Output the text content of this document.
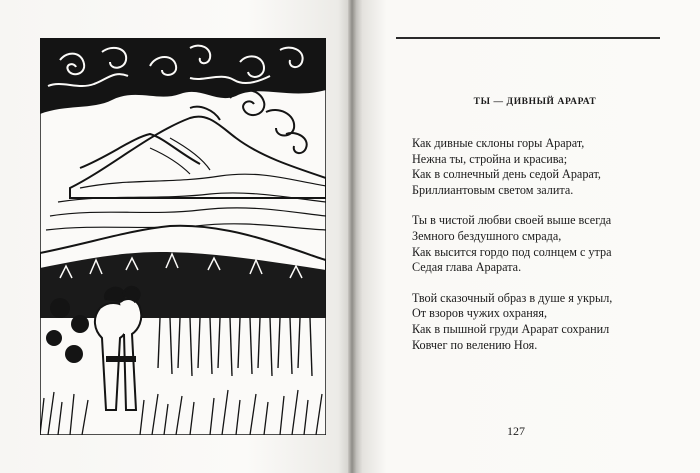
ТЫ — ДИВНЫЙ АРАРАТ
Как дивные склоны горы Арарат,
Нежна ты, стройна и красива;
Как в солнечный день седой Арарат,
Бриллиантовым светом залита.
Ты в чистой любви своей выше всегда
Земного бездушного смрада,
Как высится гордо под солнцем с утра
Седая глава Арарата.
Твой сказочный образ в душе я укрыл,
От взоров чужих охраняя,
Как в пышной груди Арарат сохранил
Ковчег по велению Ноя.
127
